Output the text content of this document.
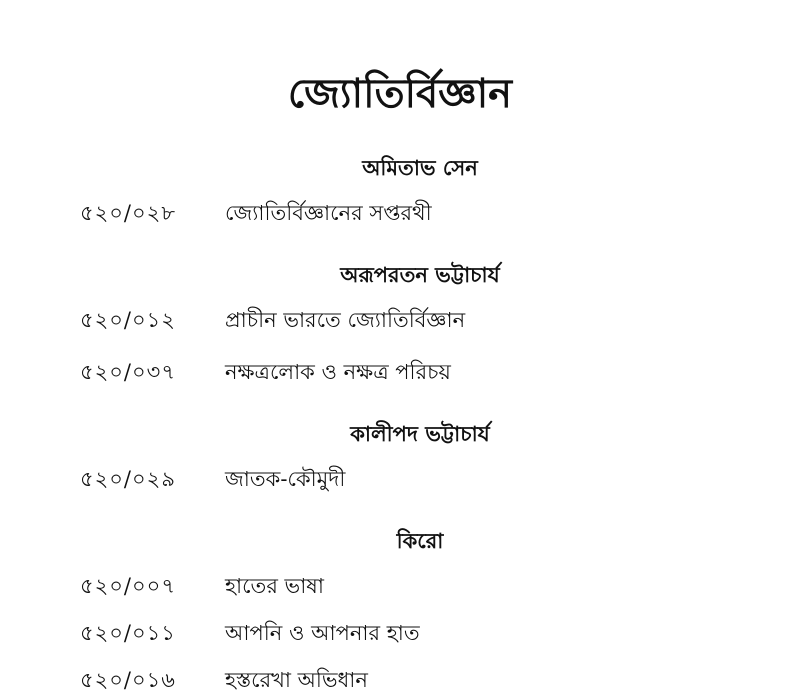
জ্যোতির্বিজ্ঞান
অমিতাভ সেন
৫২০/০২৮	জ্যোতির্বিজ্ঞানের সপ্তরথী
অরূপরতন ভট্টাচার্য
৫২০/০১২	প্রাচীন ভারতে জ্যোতির্বিজ্ঞান
৫২০/০৩৭	নক্ষত্রলোক ও নক্ষত্র পরিচয়
কালীপদ ভট্টাচার্য
৫২০/০২৯	জাতক-কৌমুদী
কিরো
৫২০/০০৭	হাতের ভাষা
৫২০/০১১	আপনি ও আপনার হাত
৫২০/০১৬	হস্তরেখা অভিধান
